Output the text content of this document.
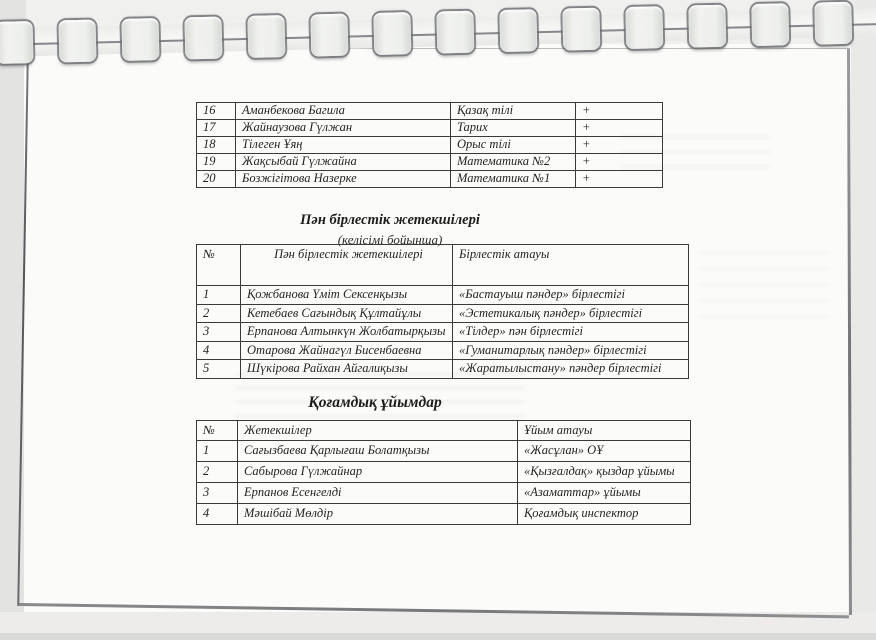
16	Аманбекова Багила	Қазақ тілі	+
17	Жайнаузова Гүлжан	Тарих	+
18	Тілеген Ұяң	Орыс тілі	+
19	Жақсыбай Гүлжайна	Математика №2	+
20	Бозжігітова Назерке	Математика №1	+
Пән бірлестік жетекшілері
(келісімі бойынша)
№	Пән бірлестік жетекшілері	Бірлестік атауы
1	Қожбанова Үміт Сексенқызы	«Бастауыш пәндер» бірлестігі
2	Кетебаев Сағындық Құлтайұлы	«Эстетикалық пәндер» бірлестігі
3	Ерпанова Алтынкүн Жолбатырқызы	«Тілдер» пән бірлестігі
4	Отарова Жайнагүл Бисенбаевна	«Гуманитарлық пәндер» бірлестігі
5	Шүкірова Райхан Айгалиқызы	«Жаратылыстану» пәндер бірлестігі
Қоғамдық ұйымдар
№	Жетекшілер	Ұйым атауы
1	Сағызбаева Қарлығаш Болатқызы	«Жасұлан» ОҰ
2	Сабырова Гүлжайнар	«Қызғалдақ» қыздар ұйымы
3	Ерпанов Есенгелді	«Азаматтар» ұйымы
4	Мәшібай Мөлдір	Қоғамдық инспектор
